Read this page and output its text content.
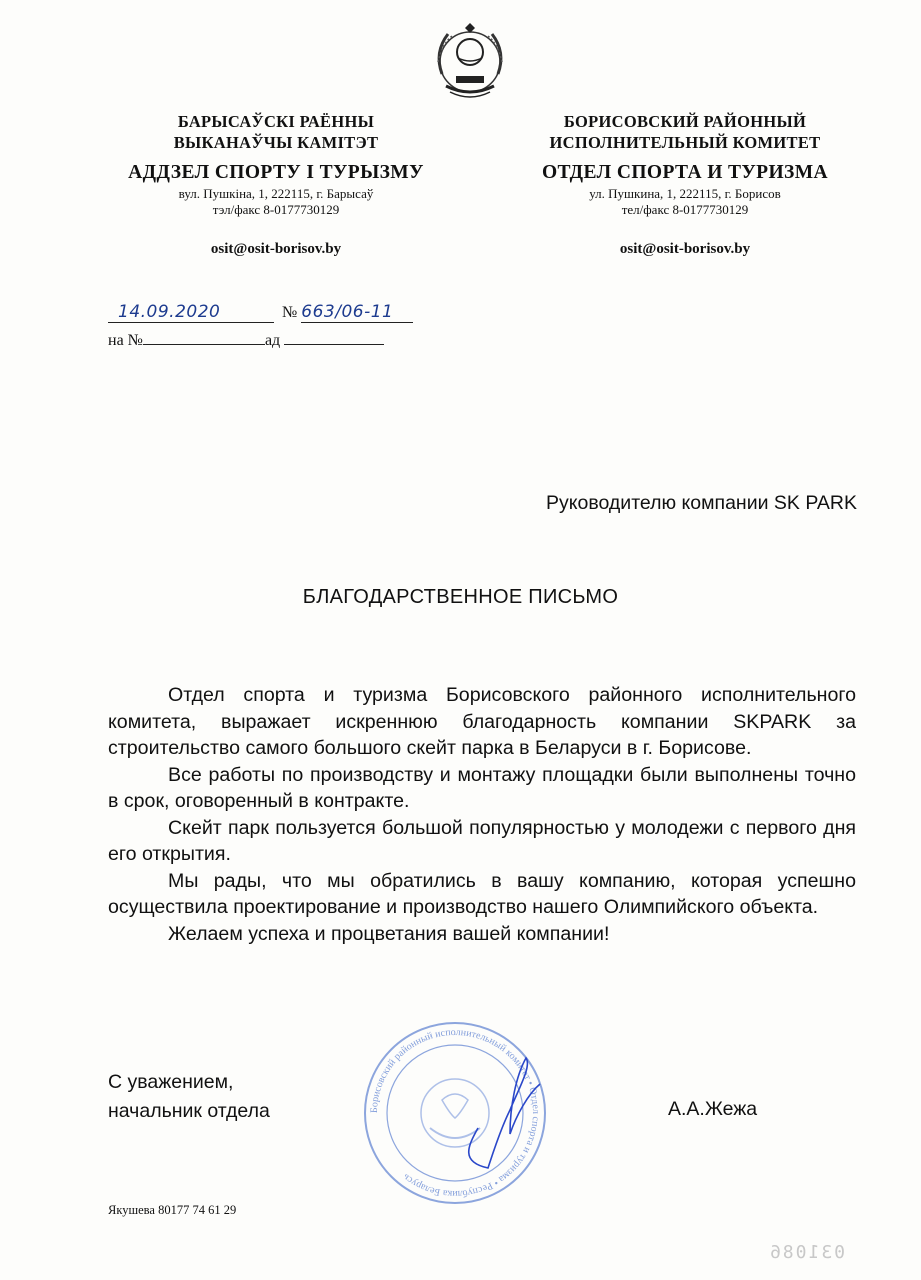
БАРЫСАЎСКІ РАЁННЫ
ВЫКАНАЎЧЫ КАМІТЭТ
АДДЗЕЛ СПОРТУ І ТУРЫЗМУ
вул. Пушкіна, 1, 222115, г. Барысаў
тэл/факс 8-0177730129
osit@osit-borisov.by
БОРИСОВСКИЙ РАЙОННЫЙ
ИСПОЛНИТЕЛЬНЫЙ КОМИТЕТ
ОТДЕЛ СПОРТА И ТУРИЗМА
ул. Пушкина, 1, 222115, г. Борисов
тел/факс 8-0177730129
osit@osit-borisov.by
14.09.2020	№ 663/06-11
на №	ад
Руководителю компании SK PARK
БЛАГОДАРСТВЕННОЕ ПИСЬМО

Отдел спорта и туризма Борисовского районного исполнительного комитета, выражает искреннюю благодарность компании SKPARK за строительство самого большого скейт парка в Беларуси в г. Борисове.

Все работы по производству и монтажу площадки были выполнены точно в срок, оговоренный в контракте.

Скейт парк пользуется большой популярностью у молодежи с первого дня его открытия.

Мы рады, что мы обратились в вашу компанию, которая успешно осуществила проектирование и производство нашего Олимпийского объекта.

Желаем успеха и процветания вашей компании!

С уважением,
начальник отдела	Борисовский районный исполнительный комитет • Отдел спорта и туризма • Республика Беларусь
А.А.Жежа
Якушева 80177 74 61 29
031086
